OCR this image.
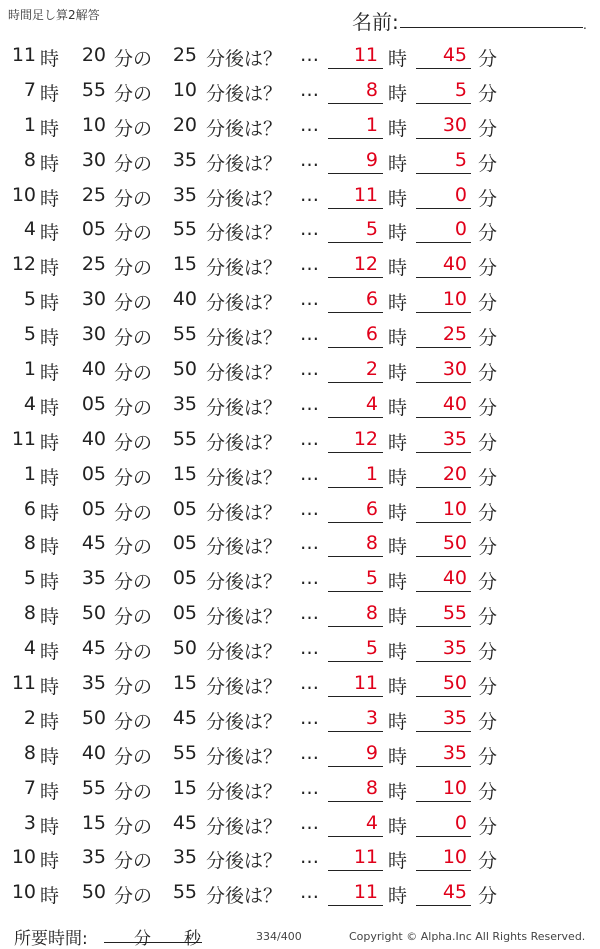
時間足し算2解答	名前:	.
11 時	20 分の	25 分後は？ …	11 時	45 分
7 時	55 分の	10 分後は？ …	8 時	5 分
1 時	10 分の	20 分後は？ …	1 時	30 分
8 時	30 分の	35 分後は？ …	9 時	5 分
10 時	25 分の	35 分後は？ …	11 時	0 分
4 時	05 分の	55 分後は？ …	5 時	0 分
12 時	25 分の	15 分後は？ …	12 時	40 分
5 時	30 分の	40 分後は？ …	6 時	10 分
5 時	30 分の	55 分後は？ …	6 時	25 分
1 時	40 分の	50 分後は？ …	2 時	30 分
4 時	05 分の	35 分後は？ …	4 時	40 分
11 時	40 分の	55 分後は？ …	12 時	35 分
1 時	05 分の	15 分後は？ …	1 時	20 分
6 時	05 分の	05 分後は？ …	6 時	10 分
8 時	45 分の	05 分後は？ …	8 時	50 分
5 時	35 分の	05 分後は？ …	5 時	40 分
8 時	50 分の	05 分後は？ …	8 時	55 分
4 時	45 分の	50 分後は？ …	5 時	35 分
11 時	35 分の	15 分後は？ …	11 時	50 分
2 時	50 分の	45 分後は？ …	3 時	35 分
8 時	40 分の	55 分後は？ …	9 時	35 分
7 時	55 分の	15 分後は？ …	8 時	10 分
3 時	15 分の	45 分後は？ …	4 時	0 分
10 時	35 分の	35 分後は？ …	11 時	10 分
10 時	50 分の	55 分後は？ …	11 時	45 分
所要時間:	分 秒	334/400	Copyright © Alpha.Inc All Rights Reserved.
